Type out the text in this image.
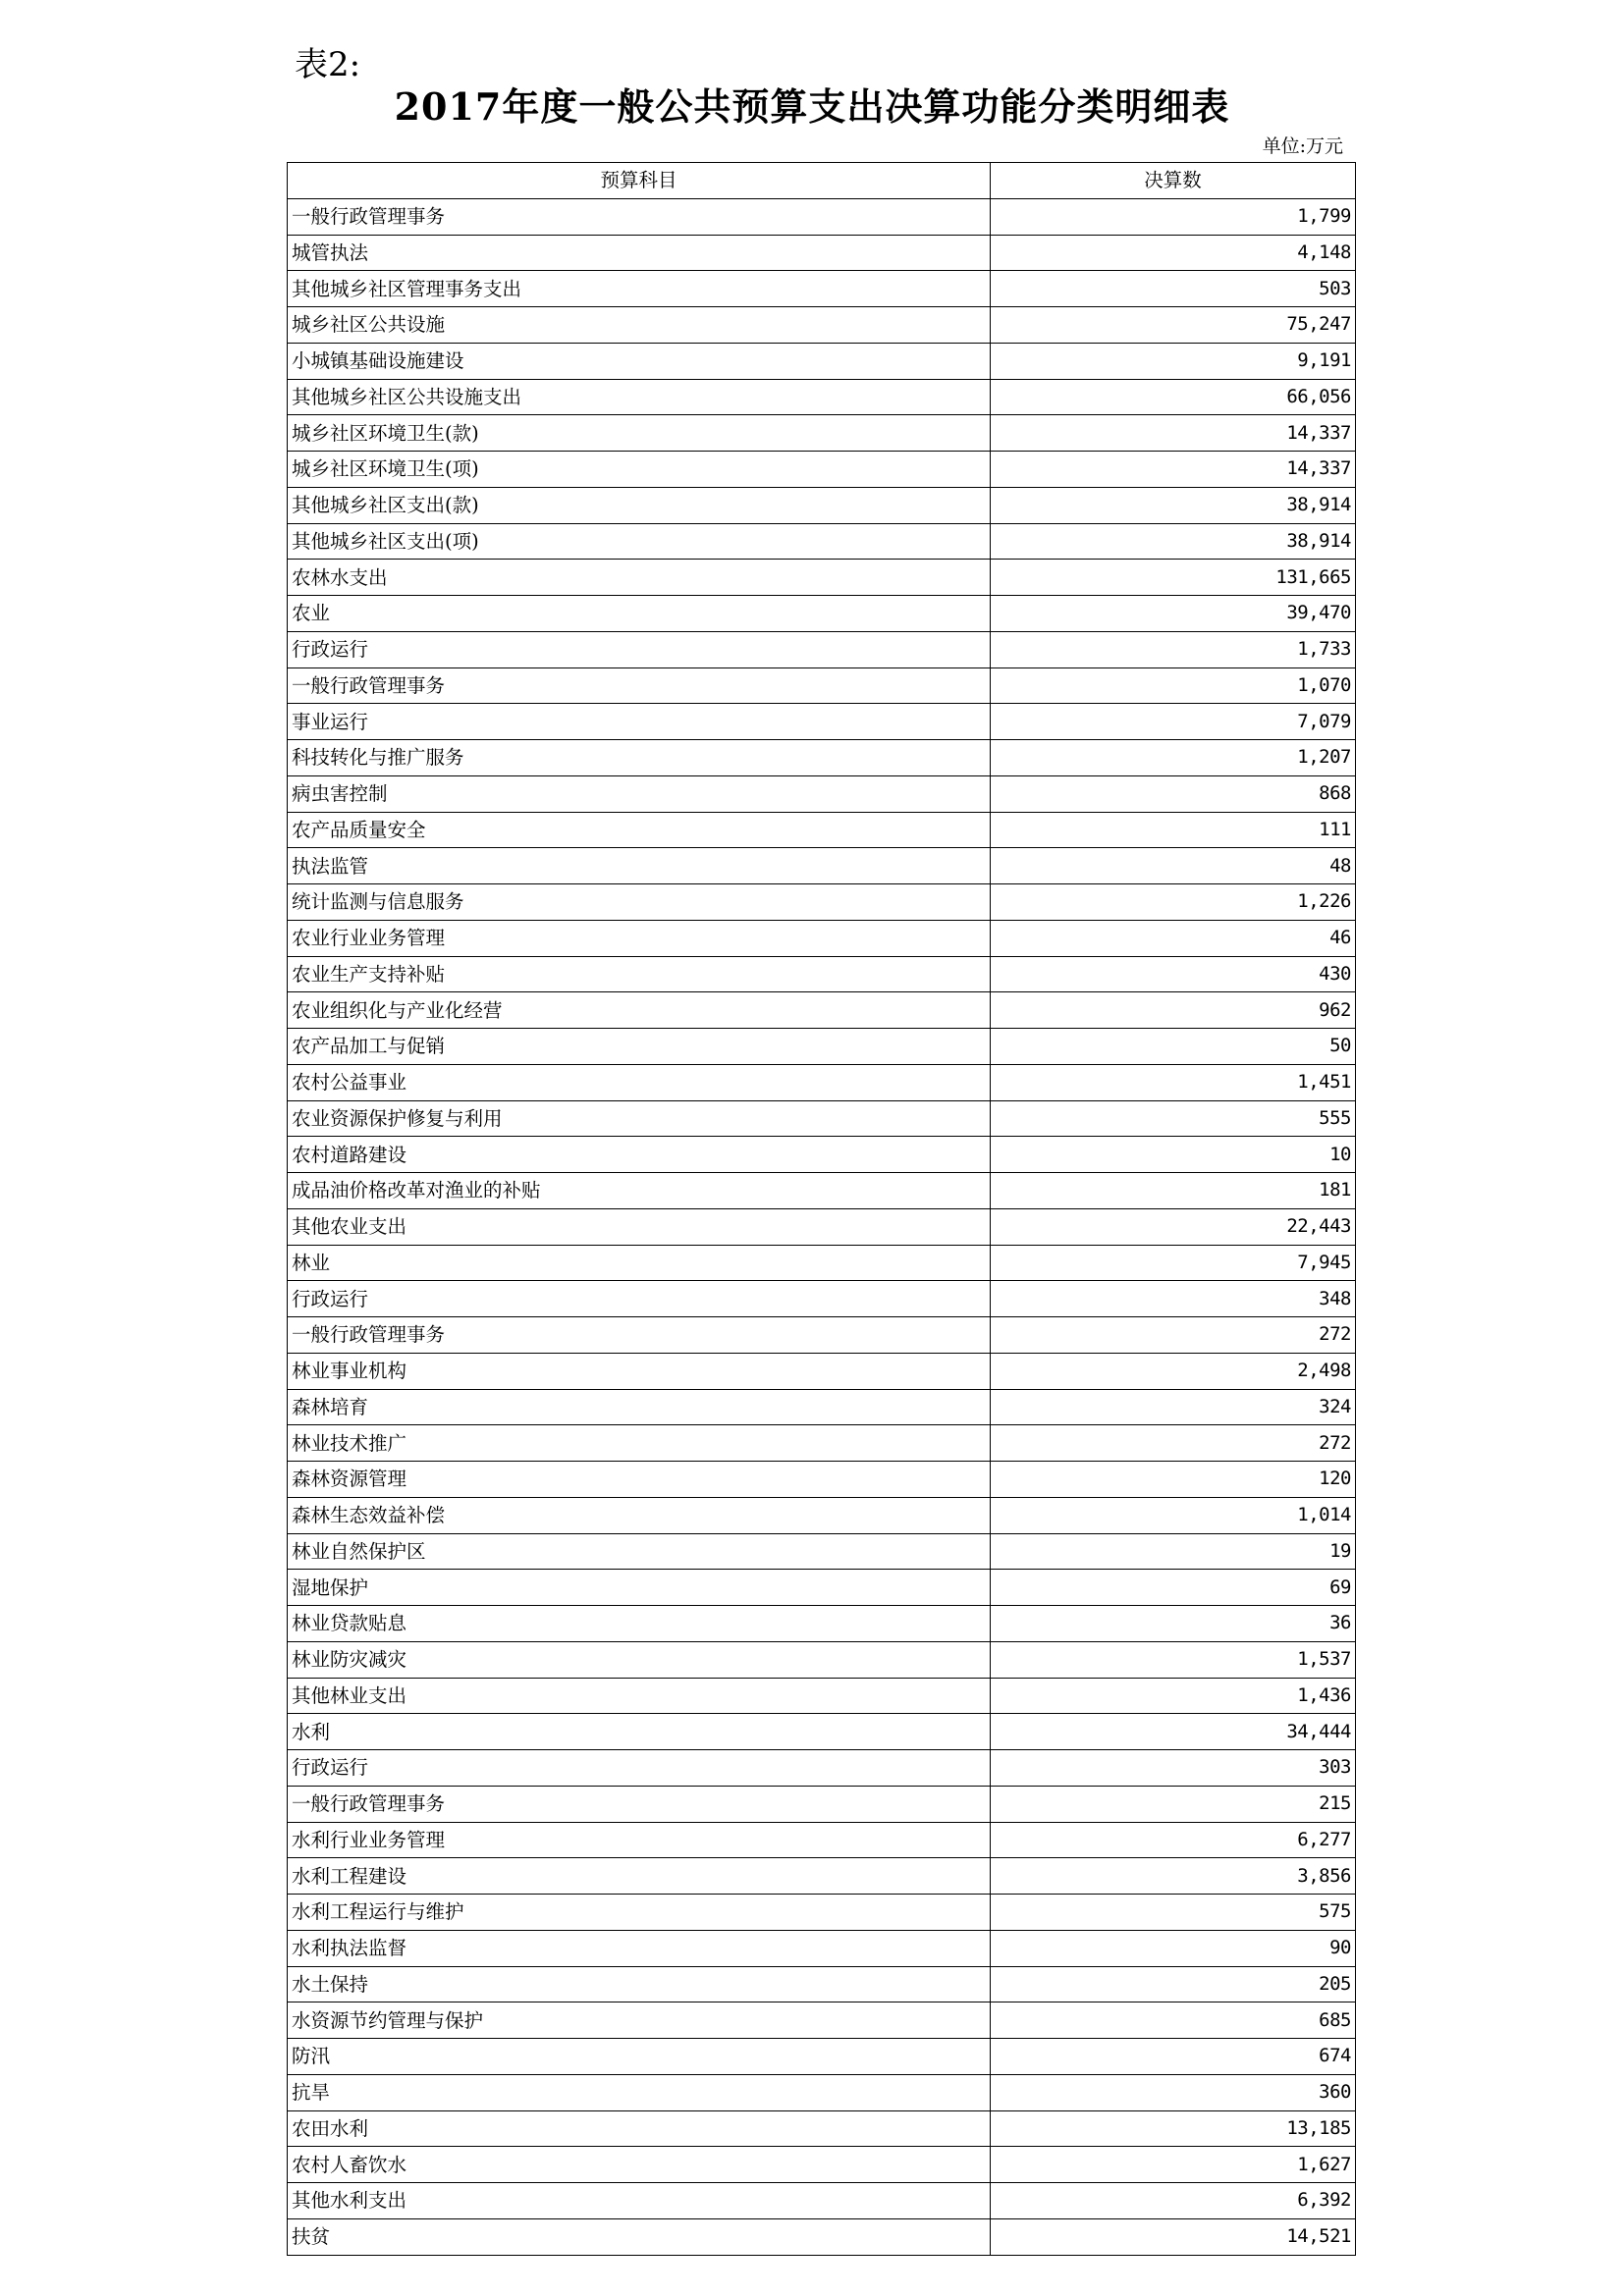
表2:
2017年度一般公共预算支出决算功能分类明细表
单位:万元
预算科目	决算数
一般行政管理事务	1,799
城管执法	4,148
其他城乡社区管理事务支出	503
城乡社区公共设施	75,247
小城镇基础设施建设	9,191
其他城乡社区公共设施支出	66,056
城乡社区环境卫生(款)	14,337
城乡社区环境卫生(项)	14,337
其他城乡社区支出(款)	38,914
其他城乡社区支出(项)	38,914
农林水支出	131,665
农业	39,470
行政运行	1,733
一般行政管理事务	1,070
事业运行	7,079
科技转化与推广服务	1,207
病虫害控制	868
农产品质量安全	111
执法监管	48
统计监测与信息服务	1,226
农业行业业务管理	46
农业生产支持补贴	430
农业组织化与产业化经营	962
农产品加工与促销	50
农村公益事业	1,451
农业资源保护修复与利用	555
农村道路建设	10
成品油价格改革对渔业的补贴	181
其他农业支出	22,443
林业	7,945
行政运行	348
一般行政管理事务	272
林业事业机构	2,498
森林培育	324
林业技术推广	272
森林资源管理	120
森林生态效益补偿	1,014
林业自然保护区	19
湿地保护	69
林业贷款贴息	36
林业防灾减灾	1,537
其他林业支出	1,436
水利	34,444
行政运行	303
一般行政管理事务	215
水利行业业务管理	6,277
水利工程建设	3,856
水利工程运行与维护	575
水利执法监督	90
水土保持	205
水资源节约管理与保护	685
防汛	674
抗旱	360
农田水利	13,185
农村人畜饮水	1,627
其他水利支出	6,392
扶贫	14,521
